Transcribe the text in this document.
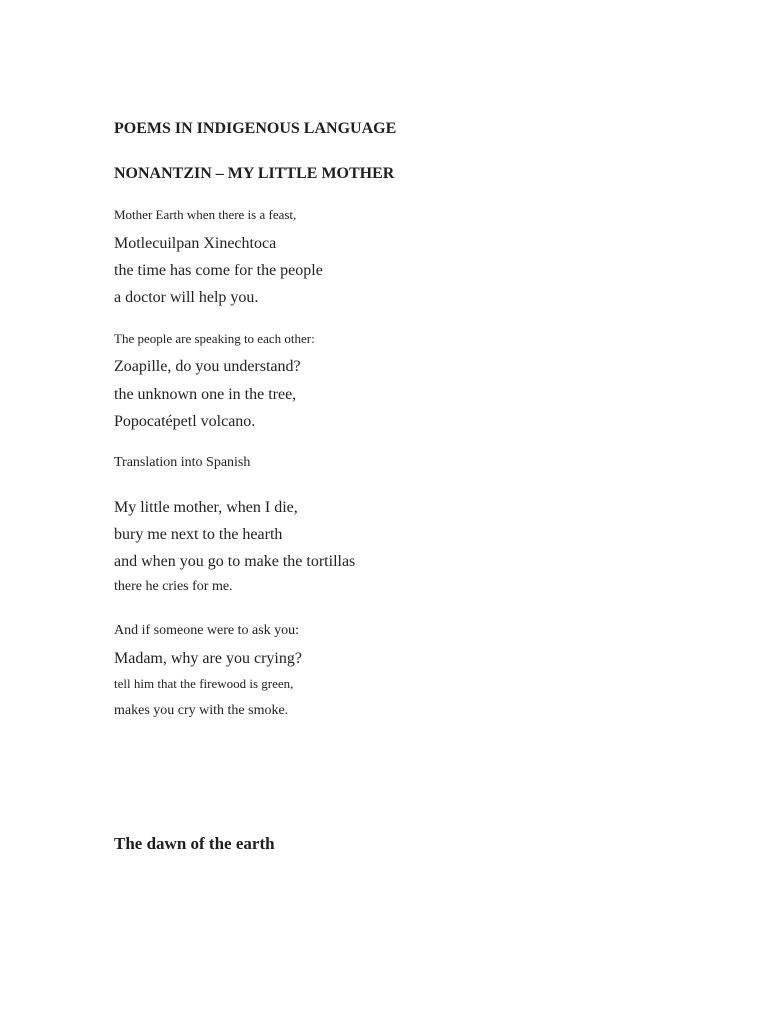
POEMS IN INDIGENOUS LANGUAGE
NONANTZIN – MY LITTLE MOTHER
Mother Earth when there is a feast,
Motlecuilpan Xinechtoca
the time has come for the people
a doctor will help you.
The people are speaking to each other:
Zoapille, do you understand?
the unknown one in the tree,
Popocatépetl volcano.
Translation into Spanish
My little mother, when I die,
bury me next to the hearth
and when you go to make the tortillas
there he cries for me.
And if someone were to ask you:
Madam, why are you crying?
tell him that the firewood is green,
makes you cry with the smoke.
The dawn of the earth
